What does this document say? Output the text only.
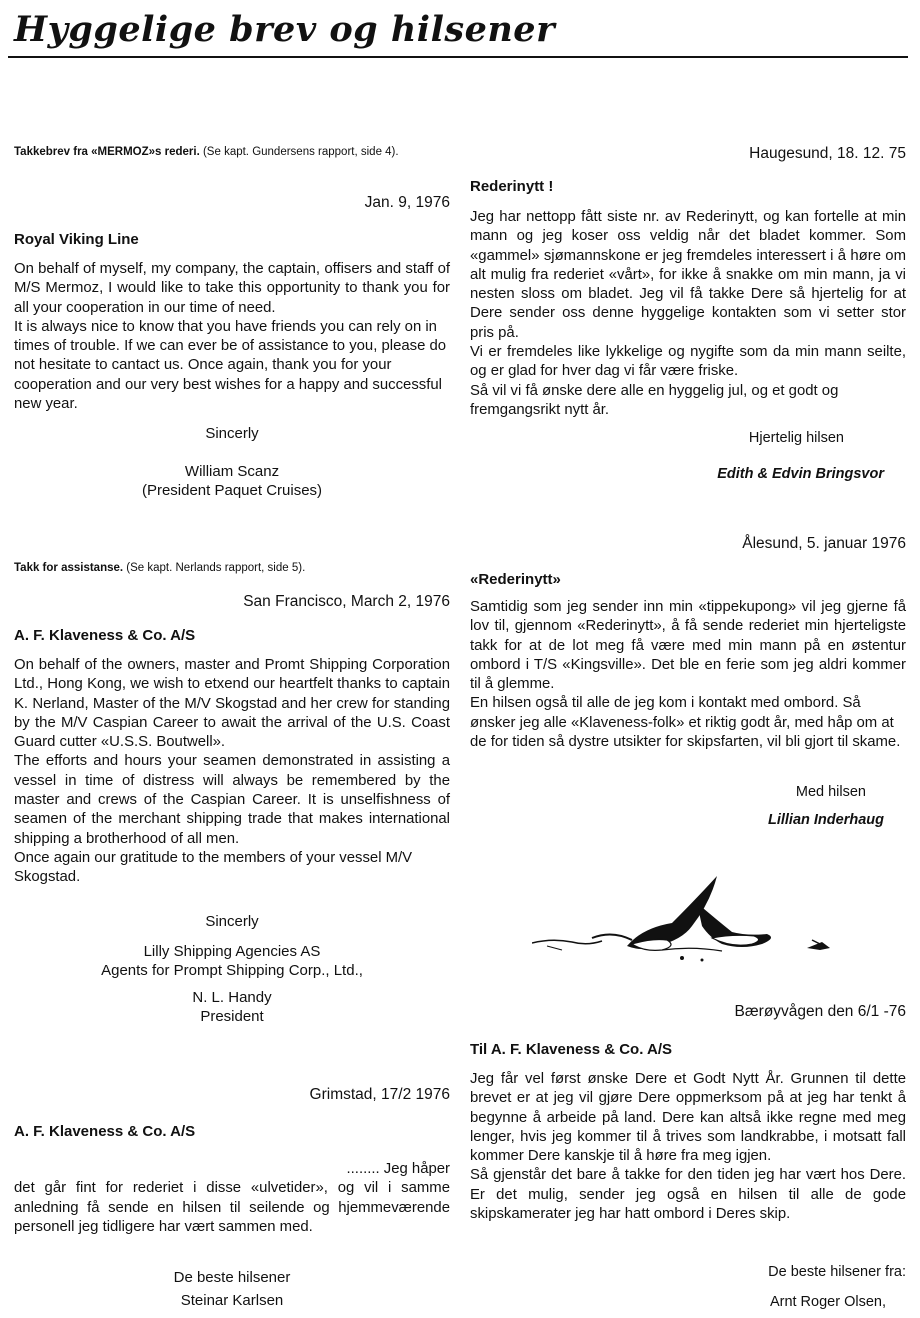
Hyggelige brev og hilsener
Takkebrev fra «MERMOZ»s rederi. (Se kapt. Gundersens rapport, side 4).
Jan. 9, 1976
Royal Viking Line

On behalf of myself, my company, the captain, offisers and staff of M/S Mermoz, I would like to take this opportunity to thank you for all your cooperation in our time of need.

It is always nice to know that you have friends you can rely on in times of trouble. If we can ever be of assistance to you, please do not hesitate to cantact us. Once again, thank you for your cooperation and our very best wishes for a happy and successful new year.

Sincerly
William Scanz
(President Paquet Cruises)
Takk for assistanse. (Se kapt. Nerlands rapport, side 5).
San Francisco, March 2, 1976
A. F. Klaveness & Co. A/S

On behalf of the owners, master and Promt Shipping Corporation Ltd., Hong Kong, we wish to etxend our heartfelt thanks to captain K. Nerland, Master of the M/V Skogstad and her crew for standing by the M/V Caspian Career to await the arrival of the U.S. Coast Guard cutter «U.S.S. Boutwell».

The efforts and hours your seamen demonstrated in assisting a vessel in time of distress will always be remembered by the master and crews of the Caspian Career. It is unselfishness of seamen of the merchant shipping trade that makes international shipping a brotherhood of all men.

Once again our gratitude to the members of your vessel M/V Skogstad.

Sincerly
Lilly Shipping Agencies AS
Agents for Prompt Shipping Corp., Ltd.,
N. L. Handy
President
Grimstad, 17/2 1976
A. F. Klaveness & Co. A/S

........ Jeg håper

det går fint for rederiet i disse «ulvetider», og vil i samme anledning få sende en hilsen til seilende og hjemmeværende personell jeg tidligere har vært sammen med.

De beste hilsener
Steinar Karlsen
Haugesund, 18. 12. 75
Rederinytt !

Jeg har nettopp fått siste nr. av Rederinytt, og kan fortelle at min mann og jeg koser oss veldig når det bladet kommer. Som «gammel» sjømannskone er jeg fremdeles interessert i å høre om alt mulig fra rederiet «vårt», for ikke å snakke om min mann, ja vi nesten sloss om bladet. Jeg vil få takke Dere så hjertelig for at Dere sender oss denne hyggelige kontakten som vi setter stor pris på.

Vi er fremdeles like lykkelige og nygifte som da min mann seilte, og er glad for hver dag vi får være friske.

Så vil vi få ønske dere alle en hyggelig jul, og et godt og fremgangsrikt nytt år.

Hjertelig hilsen
Edith & Edvin Bringsvor
Ålesund, 5. januar 1976
«Rederinytt»

Samtidig som jeg sender inn min «tippekupong» vil jeg gjerne få lov til, gjennom «Rederinytt», å få sende rederiet min hjerteligste takk for at de lot meg få være med min mann på en østentur ombord i T/S «Kingsville». Det ble en ferie som jeg aldri kommer til å glemme.

En hilsen også til alle de jeg kom i kontakt med ombord. Så ønsker jeg alle «Klaveness-folk» et riktig godt år, med håp om at de for tiden så dystre utsikter for skipsfarten, vil bli gjort til skame.

Med hilsen
Lillian Inderhaug
Bærøyvågen den 6/1 -76
Til A. F. Klaveness & Co. A/S

Jeg får vel først ønske Dere et Godt Nytt År. Grunnen til dette brevet er at jeg vil gjøre Dere oppmerksom på at jeg har tenkt å begynne å arbeide på land. Dere kan altså ikke regne med meg lenger, hvis jeg kommer til å trives som landkrabbe, i motsatt fall kommer Dere kanskje til å høre fra meg igjen.

Så gjenstår det bare å takke for den tiden jeg har vært hos Dere. Er det mulig, sender jeg også en hilsen til alle de gode skipskamerater jeg har hatt ombord i Deres skip.

De beste hilsener fra:
Arnt Roger Olsen,
